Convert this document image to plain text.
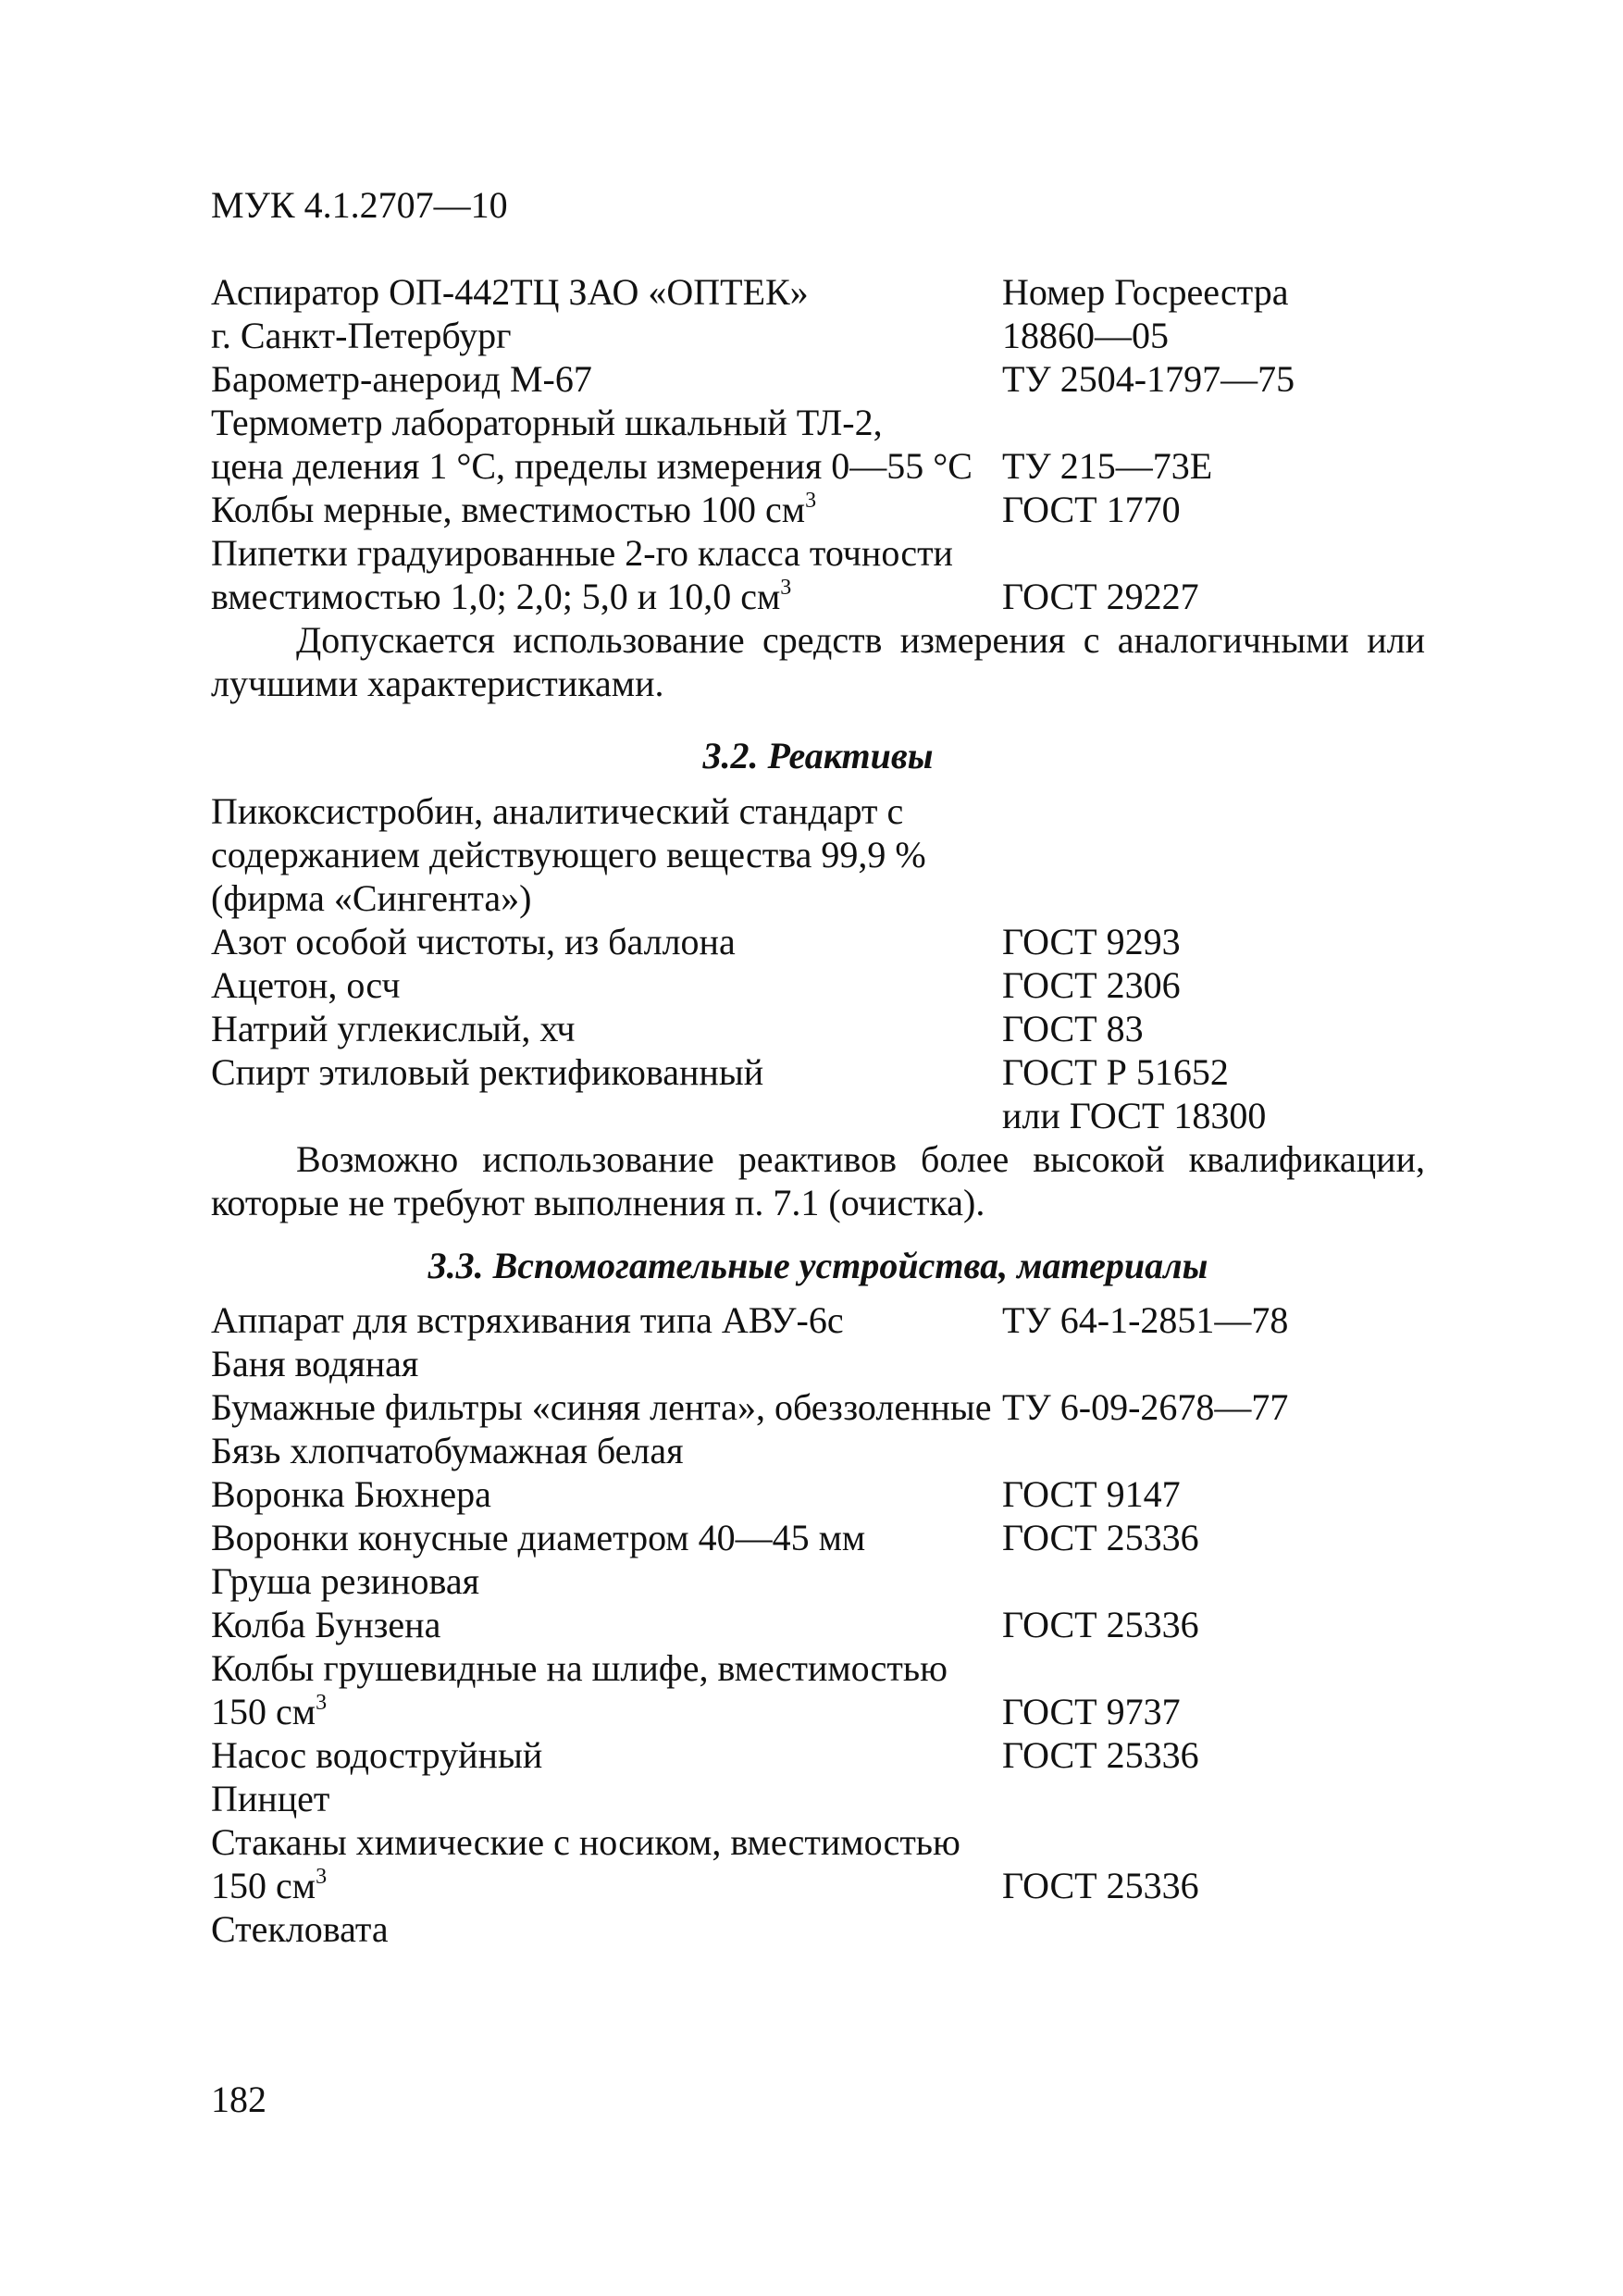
МУК 4.1.2707—10
Аспиратор ОП-442ТЦ ЗАО «ОПТЕК»	Номер Госреестра
г. Санкт-Петербург	18860—05
Барометр-анероид М-67	ТУ 2504-1797—75
Термометр лабораторный шкальный ТЛ-2,
цена деления 1 °С, пределы измерения 0—55 °С ТУ 215—73Е
Колбы мерные, вместимостью 100 $см^3$	ГОСТ 1770
Пипетки градуированные 2-го класса точности
вместимостью 1,0; 2,0; 5,0 и 10,0 $см^3$	ГОСТ 29227
Допускается использование средств измерения с аналогичными или лучшими характеристиками.
3.2. Реактивы
Пикоксистробин, аналитический стандарт с
содержанием действующего вещества 99,9 %
(фирма «Сингента»)
Азот особой чистоты, из баллона	ГОСТ 9293
Ацетон, осч	ГОСТ 2306
Натрий углекислый, хч	ГОСТ 83
Спирт этиловый ректификованный	ГОСТ Р 51652
или ГОСТ 18300
Возможно использование реактивов более высокой квалификации, которые не требуют выполнения п. 7.1 (очистка).
3.3. Вспомогательные устройства, материалы
Аппарат для встряхивания типа АВУ-6с	ТУ 64-1-2851—78
Баня водяная
Бумажные фильтры «синяя лента», обеззоленные ТУ 6-09-2678—77
Бязь хлопчатобумажная белая
Воронка Бюхнера	ГОСТ 9147
Воронки конусные диаметром 40—45 мм	ГОСТ 25336
Груша резиновая
Колба Бунзена	ГОСТ 25336
Колбы грушевидные на шлифе, вместимостью
150 $см^3$	ГОСТ 9737
Насос водоструйный	ГОСТ 25336
Пинцет
Стаканы химические с носиком, вместимостью
150 $см^3$	ГОСТ 25336
Стекловата
182
